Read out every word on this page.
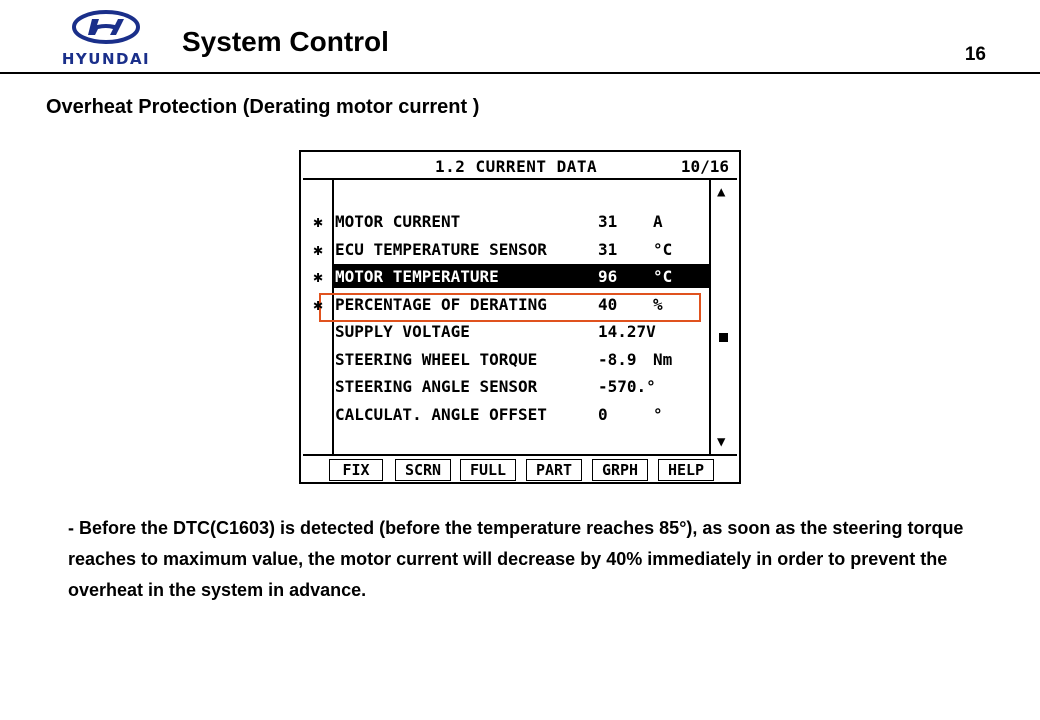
HYUNDAI
System Control	16
Overheat Protection (Derating motor current )
1.2 CURRENT DATA	10/16
▲
▼
✱ MOTOR CURRENT	31 A
✱ ECU TEMPERATURE SENSOR	31 °C
✱ MOTOR TEMPERATURE	96 °C
✱ PERCENTAGE OF DERATING	40 %
SUPPLY VOLTAGE	14.27V
STEERING WHEEL TORQUE	-8.9 Nm
STEERING ANGLE SENSOR	-570.°
CALCULAT. ANGLE OFFSET	0	°
FIX	SCRN	FULL	PART	GRPH	HELP
- Before the DTC(C1603) is detected (before the temperature reaches 85°), as soon as the steering torque reaches to maximum value, the motor current will decrease by 40% immediately in order to prevent the overheat in the system in advance.
